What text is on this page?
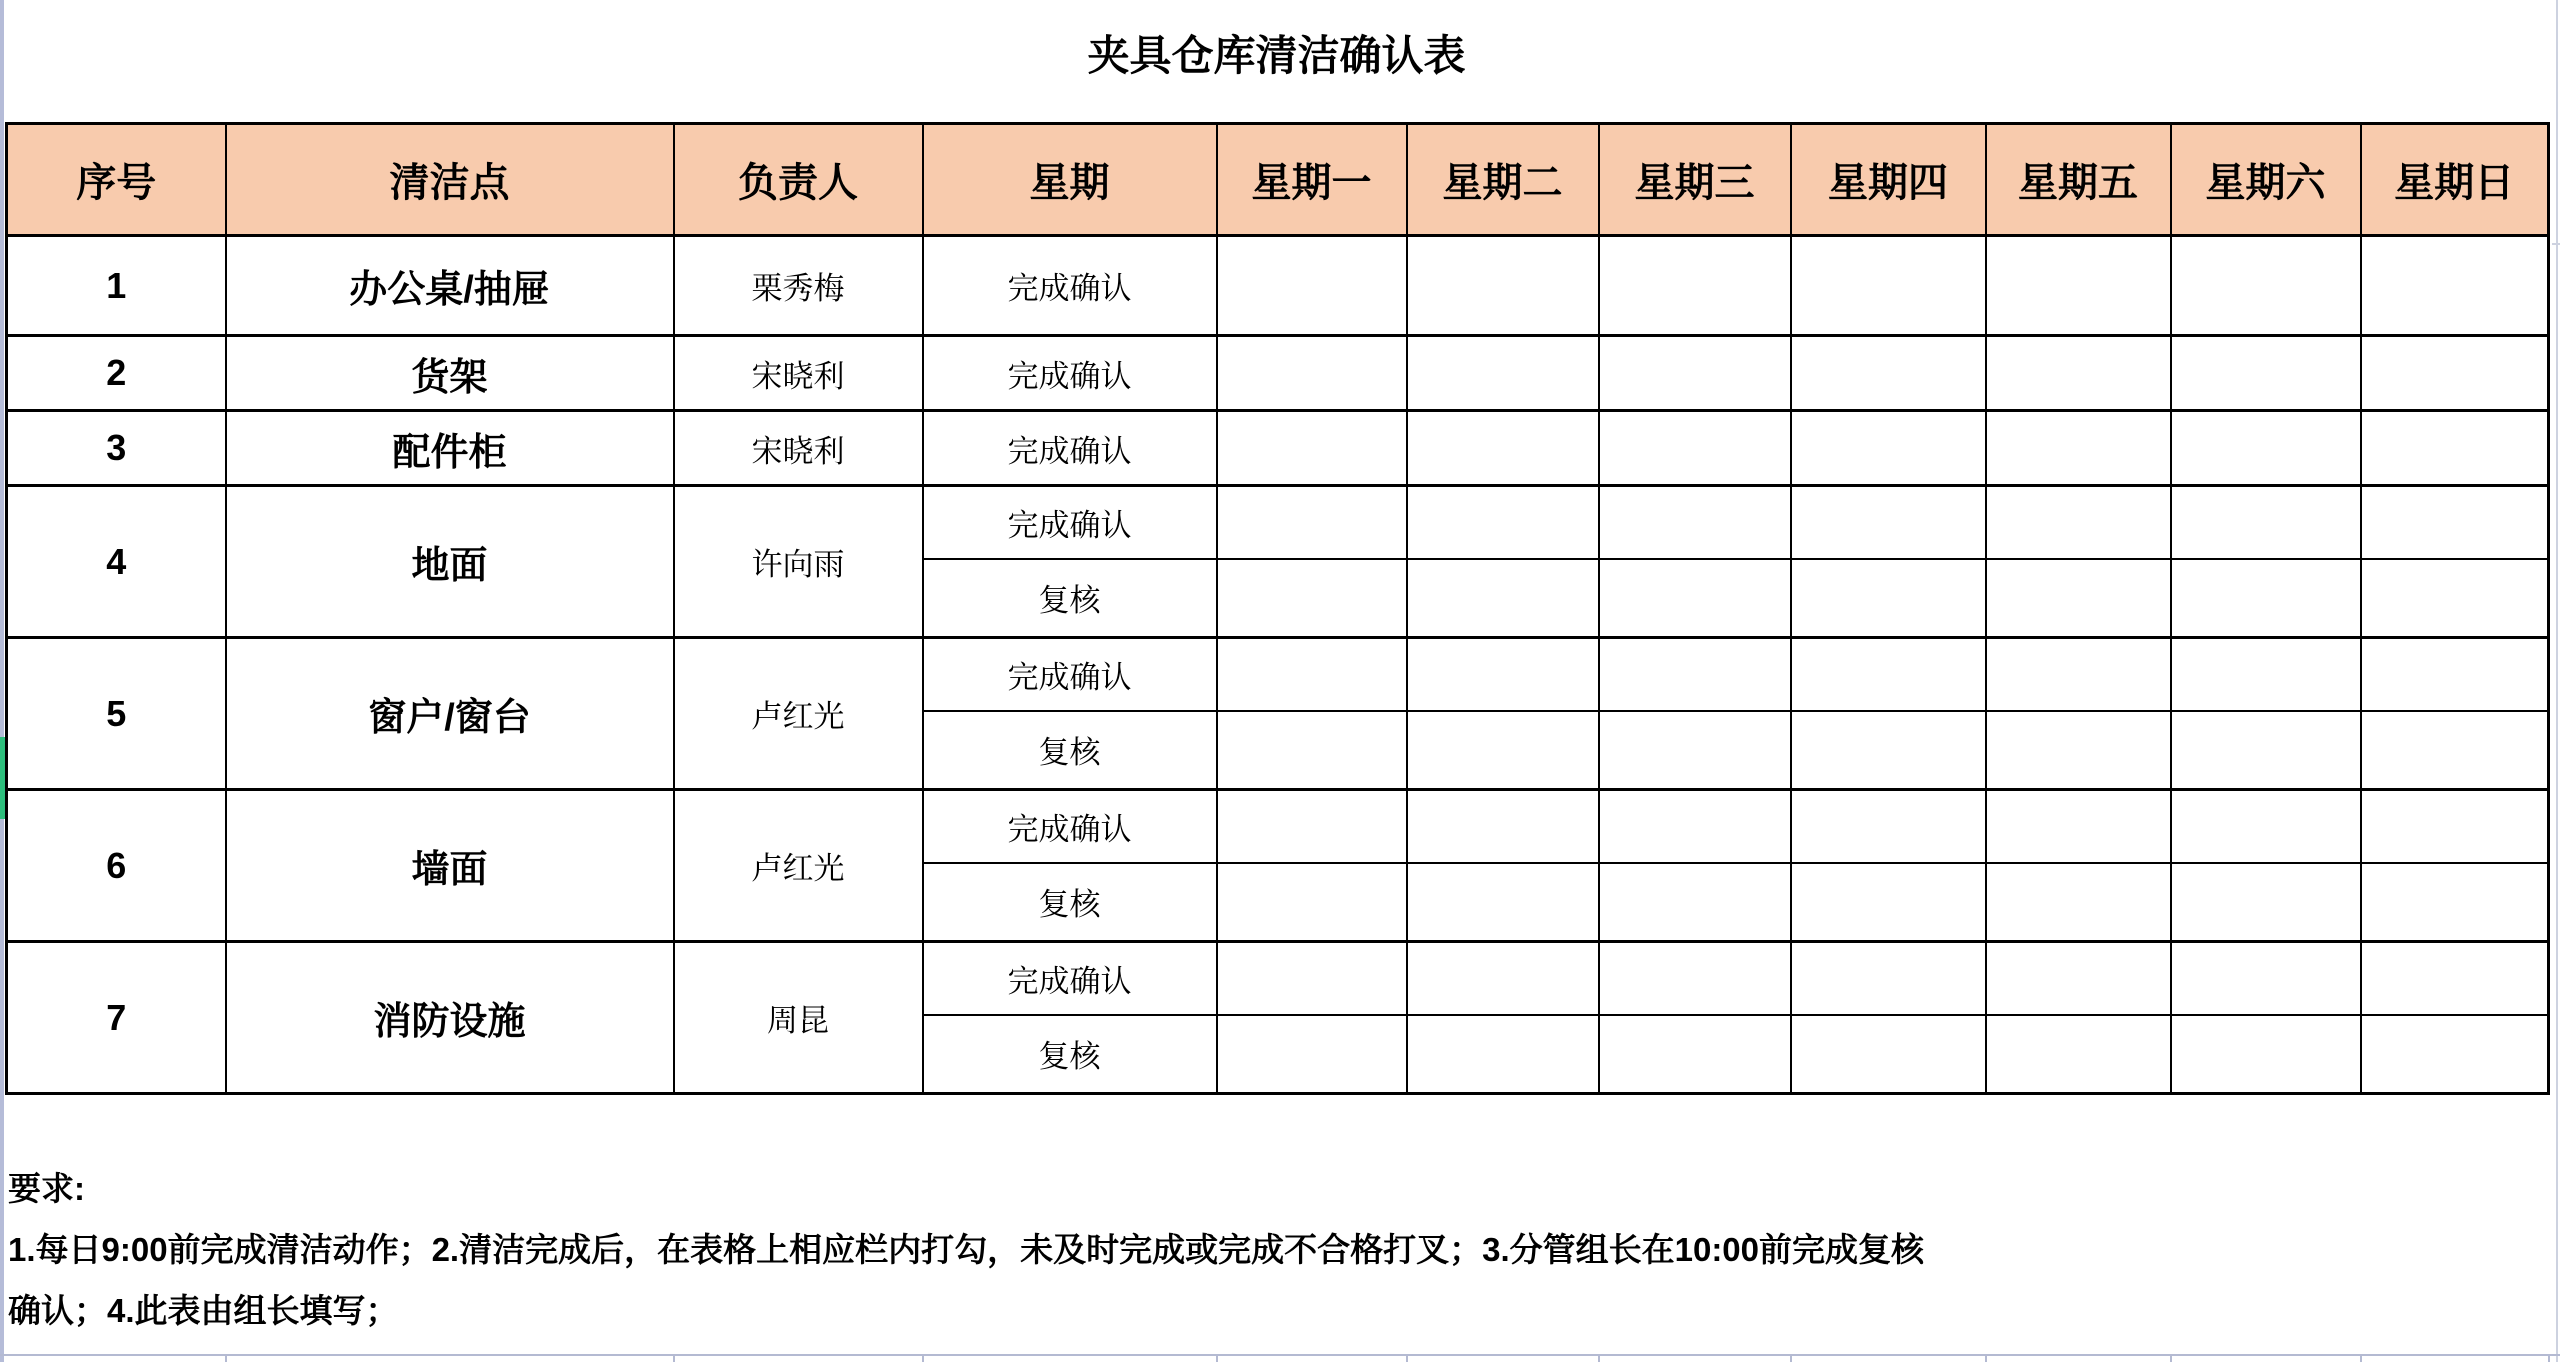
夹具仓库清洁确认表
序号	清洁点	负责人	星期	星期一	星期二	星期三	星期四	星期五	星期六	星期日
1	办公桌/抽屉	栗秀梅	完成确认							
2	货架	宋晓利	完成确认							
3	配件柜	宋晓利	完成确认							
4	地面	许向雨	完成确认							
			复核							
5	窗户/窗台	卢红光	完成确认							
			复核							
6	墙面	卢红光	完成确认							
			复核							
7	消防设施	周昆	完成确认							
			复核							
要求:
1.每日9:00前完成清洁动作；2.清洁完成后，在表格上相应栏内打勾，未及时完成或完成不合格打叉；3.分管组长在10:00前完成复核
确认；4.此表由组长填写；
